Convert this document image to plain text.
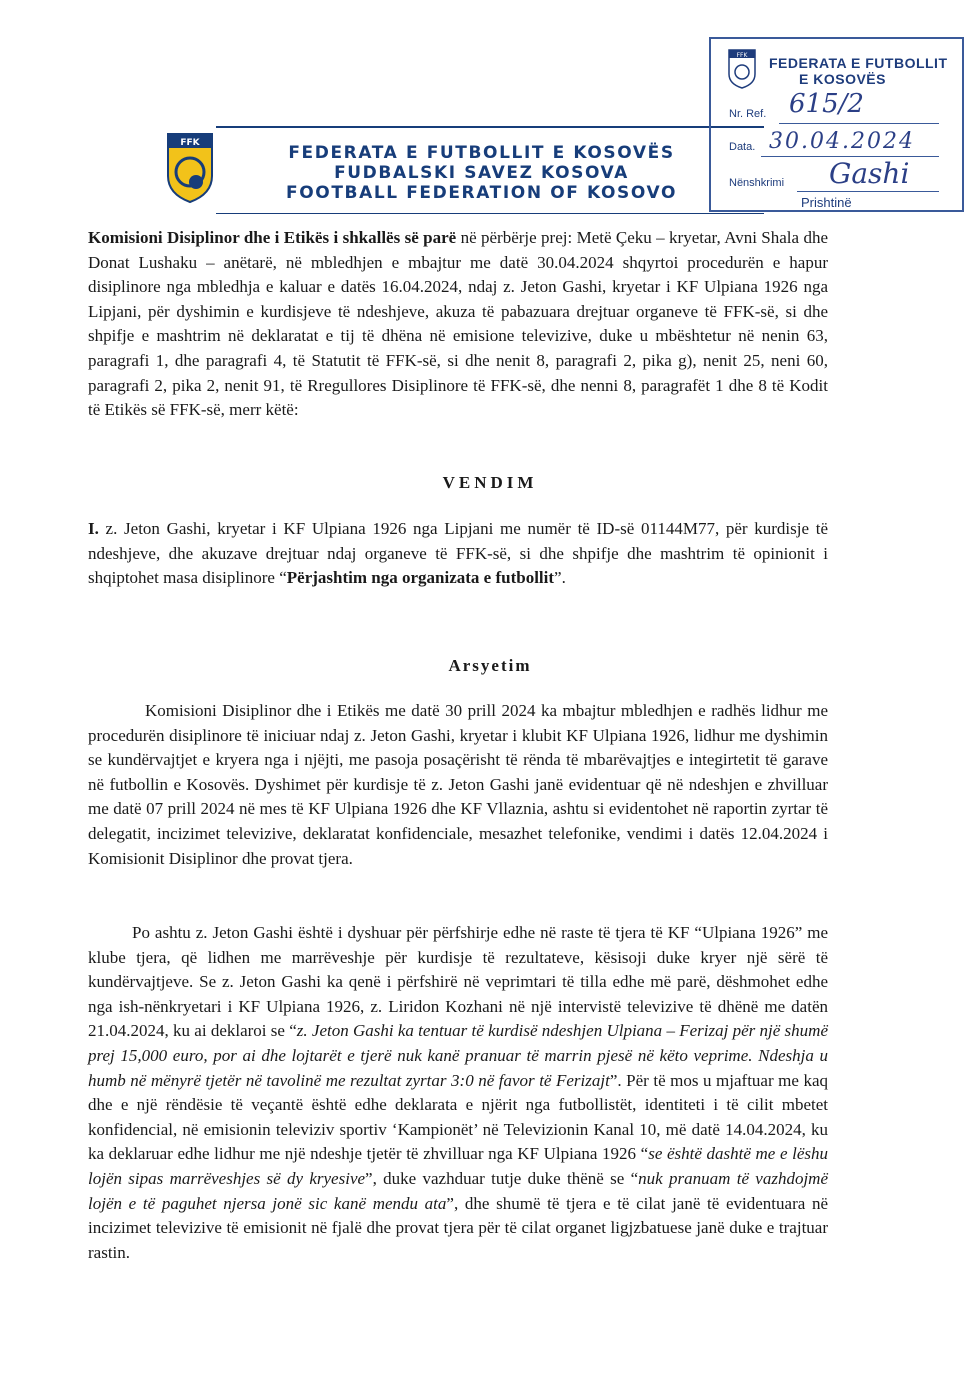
FFK	FEDERATA E FUTBOLLIT E KOSOVËS
FUDBALSKI SAVEZ KOSOVA
FOOTBALL FEDERATION OF KOSOVO
FFK FEDERATA E FUTBOLLIT
E KOSOVËS
Nr. Ref. 615/2
Data. 30.04.2024
Nënshkrimi Gashi
Prishtinë

Komisioni Disiplinor dhe i Etikës i shkallës së parë në përbërje prej: Metë Çeku – kryetar, Avni Shala dhe Donat Lushaku – anëtarë, në mbledhjen e mbajtur me datë 30.04.2024 shqyrtoi procedurën e hapur disiplinore nga mbledhja e kaluar e datës 16.04.2024, ndaj z. Jeton Gashi, kryetar i KF Ulpiana 1926 nga Lipjani, për dyshimin e kurdisjeve të ndeshjeve, akuza të pabazuara drejtuar organeve të FFK-së, si dhe shpifje e mashtrim në deklaratat e tij të dhëna në emisione televizive, duke u mbështetur në nenin 63, paragrafi 1, dhe paragrafi 4, të Statutit të FFK-së, si dhe nenit 8, paragrafi 2, pika g), nenit 25, neni 60, paragrafi 2, pika 2, nenit 91, të Rregullores Disiplinore të FFK-së, dhe nenni 8, paragrafët 1 dhe 8 të Kodit të Etikës së FFK-së, merr këtë:

VENDIM

I. z. Jeton Gashi, kryetar i KF Ulpiana 1926 nga Lipjani me numër të ID-së 01144M77, për kurdisje të ndeshjeve, dhe akuzave drejtuar ndaj organeve të FFK-së, si dhe shpifje dhe mashtrim të opinionit i shqiptohet masa disiplinore “Përjashtim nga organizata e futbollit”.

Arsyetim

Komisioni Disiplinor dhe i Etikës me datë 30 prill 2024 ka mbajtur mbledhjen e radhës lidhur me procedurën disiplinore të iniciuar ndaj z. Jeton Gashi, kryetar i klubit KF Ulpiana 1926, lidhur me dyshimin se kundërvajtjet e kryera nga i njëjti, me pasoja posaçërisht të rënda të mbarëvajtjes e integirtetit të garave në futbollin e Kosovës. Dyshimet për kurdisje të z. Jeton Gashi janë evidentuar që në ndeshjen e zhvilluar me datë 07 prill 2024 në mes të KF Ulpiana 1926 dhe KF Vllaznia, ashtu si evidentohet në raportin zyrtar të delegatit, incizimet televizive, deklaratat konfidenciale, mesazhet telefonike, vendimi i datës 12.04.2024 i Komisionit Disiplinor dhe provat tjera.

Po ashtu z. Jeton Gashi është i dyshuar për përfshirje edhe në raste të tjera të KF “Ulpiana 1926” me klube tjera, që lidhen me marrëveshje për kurdisje të rezultateve, kësisoji duke kryer një sërë të kundërvajtjeve. Se z. Jeton Gashi ka qenë i përfshirë në veprimtari të tilla edhe më parë, dëshmohet edhe nga ish-nënkryetari i KF Ulpiana 1926, z. Liridon Kozhani në një intervistë televizive të dhënë me datën 21.04.2024, ku ai deklaroi se “z. Jeton Gashi ka tentuar të kurdisë ndeshjen Ulpiana – Ferizaj për një shumë prej 15,000 euro, por ai dhe lojtarët e tjerë nuk kanë pranuar të marrin pjesë në këto veprime. Ndeshja u humb në mënyrë tjetër në tavolinë me rezultat zyrtar 3:0 në favor të Ferizajt”. Për të mos u mjaftuar me kaq dhe e një rëndësie të veçantë është edhe deklarata e njërit nga futbollistët, identiteti i të cilit mbetet konfidencial, në emisionin televiziv sportiv ‘Kampionët’ në Televizionin Kanal 10, më datë 14.04.2024, ku ka deklaruar edhe lidhur me një ndeshje tjetër të zhvilluar nga KF Ulpiana 1926 “se është dashtë me e lëshu lojën sipas marrëveshjes së dy kryesive”, duke vazhduar tutje duke thënë se “nuk pranuam të vazhdojmë lojën e të paguhet njersa jonë sic kanë mendu ata”, dhe shumë të tjera e të cilat janë të evidentuara në incizimet televizive të emisionit në fjalë dhe provat tjera për të cilat organet ligjzbatuese janë duke e trajtuar rastin.
